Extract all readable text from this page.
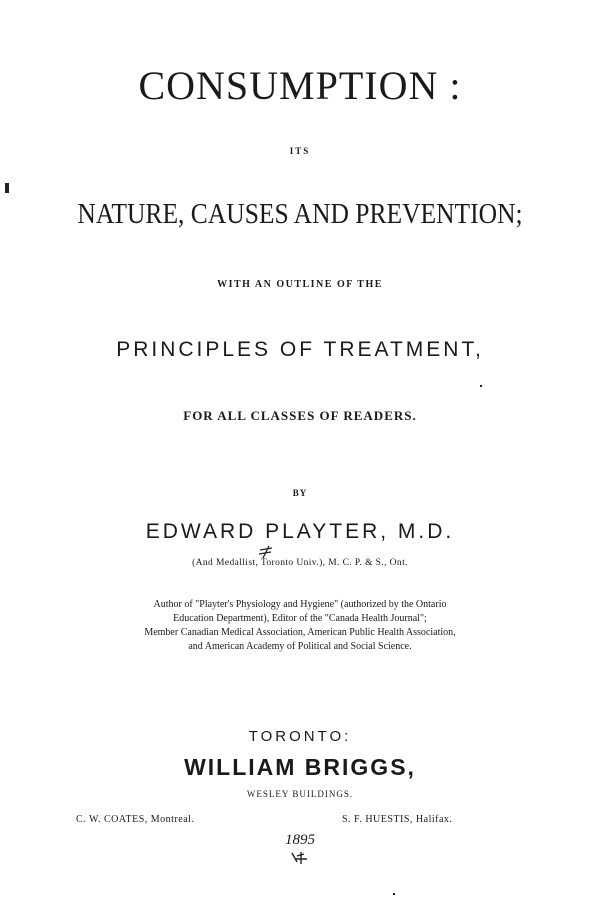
CONSUMPTION :
ITS
NATURE, CAUSES AND PREVENTION;
WITH AN OUTLINE OF THE
PRINCIPLES OF TREATMENT,
FOR ALL CLASSES OF READERS.
BY
EDWARD PLAYTER, M.D.
(And Medallist, Toronto Univ.), M. C. P. & S., Ont.
Author of "Playter's Physiology and Hygiene" (authorized by the Ontario
Education Department), Editor of the "Canada Health Journal";
Member Canadian Medical Association, American Public Health Association,
and American Academy of Political and Social Science.
TORONTO:
WILLIAM BRIGGS,
WESLEY BUILDINGS.
C. W. COATES, Montreal.	S. F. HUESTIS, Halifax.
1895
